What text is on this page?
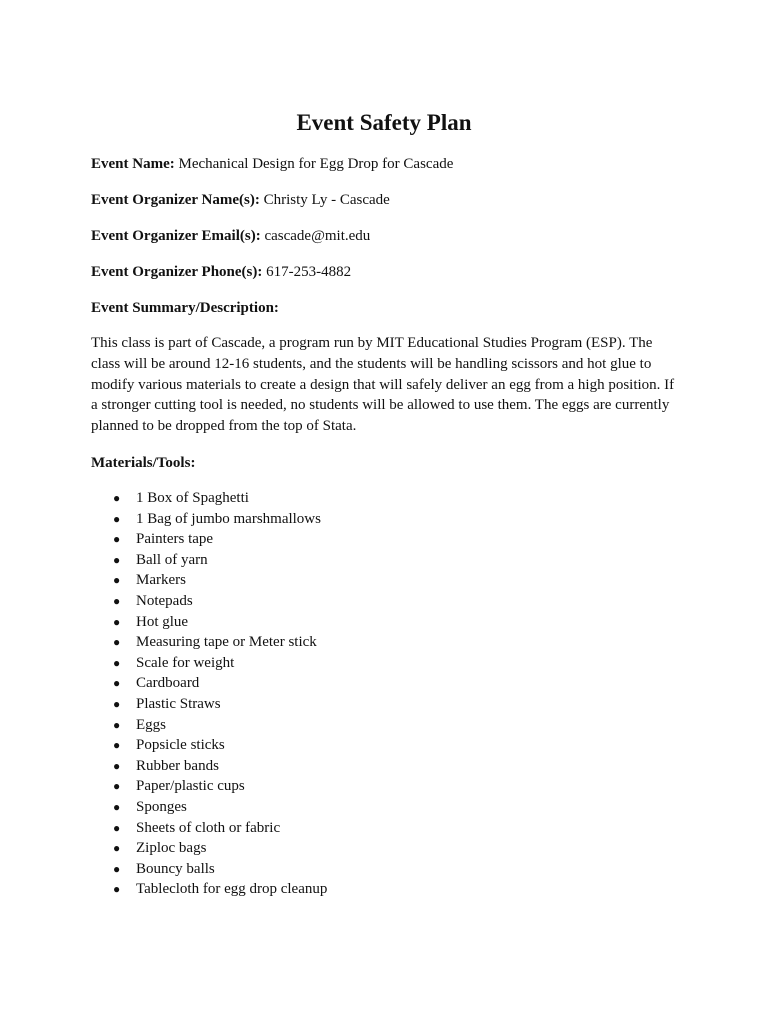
Event Safety Plan

Event Name: Mechanical Design for Egg Drop for Cascade

Event Organizer Name(s): Christy Ly - Cascade

Event Organizer Email(s): cascade@mit.edu

Event Organizer Phone(s): 617-253-4882

Event Summary/Description:

This class is part of Cascade, a program run by MIT Educational Studies Program (ESP). The class will be around 12-16 students, and the students will be handling scissors and hot glue to modify various materials to create a design that will safely deliver an egg from a high position. If a stronger cutting tool is needed, no students will be allowed to use them. The eggs are currently planned to be dropped from the top of Stata.

Materials/Tools:

● 1 Box of Spaghetti
● 1 Bag of jumbo marshmallows
● Painters tape
● Ball of yarn
● Markers
● Notepads
● Hot glue
● Measuring tape or Meter stick
● Scale for weight
● Cardboard
● Plastic Straws
● Eggs
● Popsicle sticks
● Rubber bands
● Paper/plastic cups
● Sponges
● Sheets of cloth or fabric
● Ziploc bags
● Bouncy balls
● Tablecloth for egg drop cleanup
